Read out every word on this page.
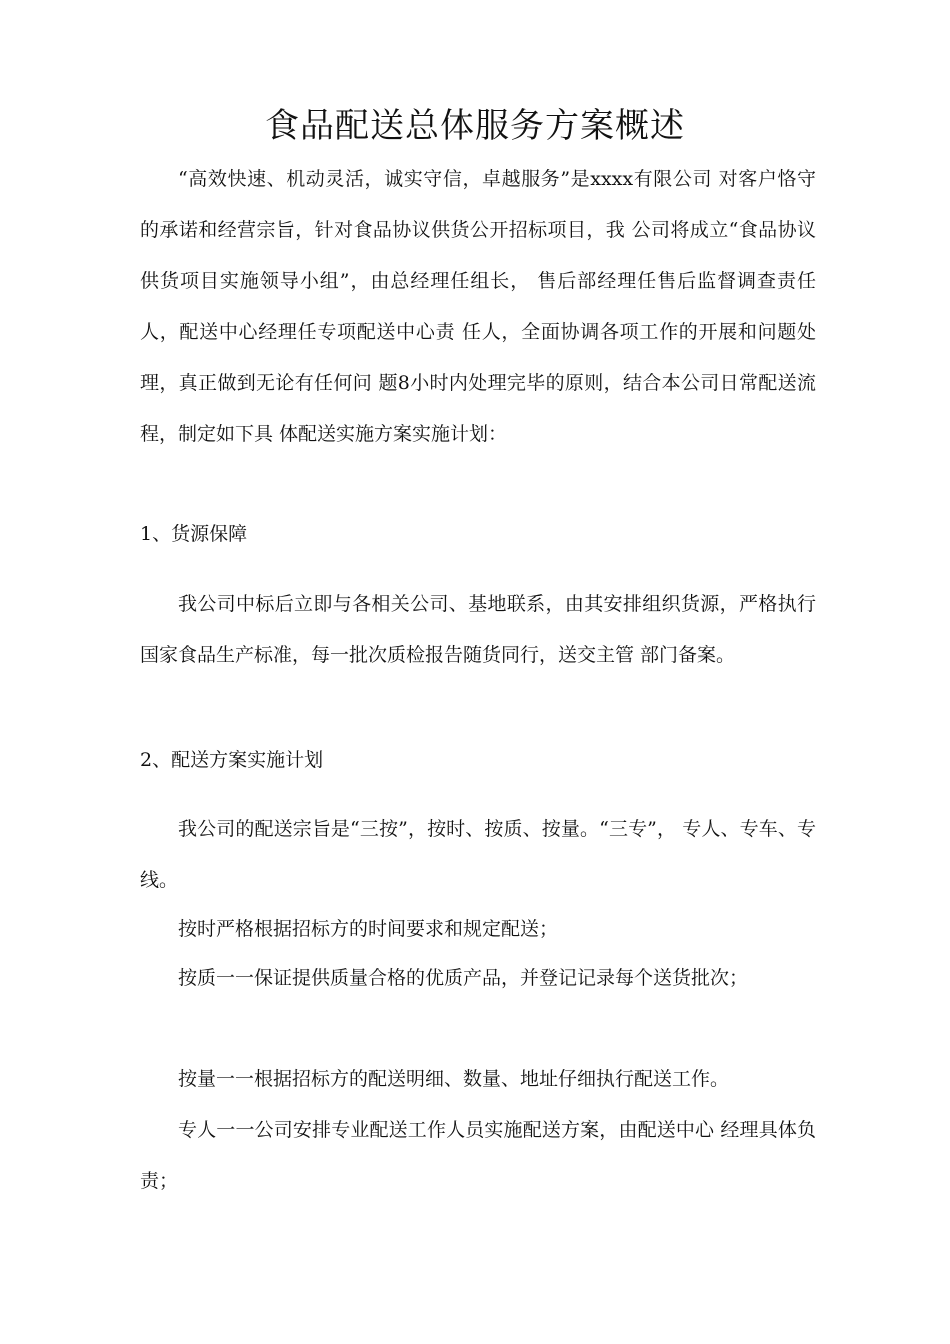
食品配送总体服务方案概述

“高效快速、机动灵活，诚实守信，卓越服务”是xxxx有限公司 对客户恪守的承诺和经营宗旨，针对食品协议供货公开招标项目，我 公司将成立“食品协议供货项目实施领导小组”，由总经理任组长， 售后部经理任售后监督调查责任人，配送中心经理任专项配送中心责 任人，全面协调各项工作的开展和问题处理，真正做到无论有任何问 题8小时内处理完毕的原则，结合本公司日常配送流程，制定如下具 体配送实施方案实施计划：

1、货源保障

我公司中标后立即与各相关公司、基地联系，由其安排组织货源，严格执行国家食品生产标准，每一批次质检报告随货同行，送交主管 部门备案。

2、配送方案实施计划

我公司的配送宗旨是“三按”，按时、按质、按量。“三专”， 专人、专车、专线。

按时严格根据招标方的时间要求和规定配送；

按质一一保证提供质量合格的优质产品，并登记记录每个送货批次；

按量一一根据招标方的配送明细、数量、地址仔细执行配送工作。

专人一一公司安排专业配送工作人员实施配送方案，由配送中心 经理具体负责；
